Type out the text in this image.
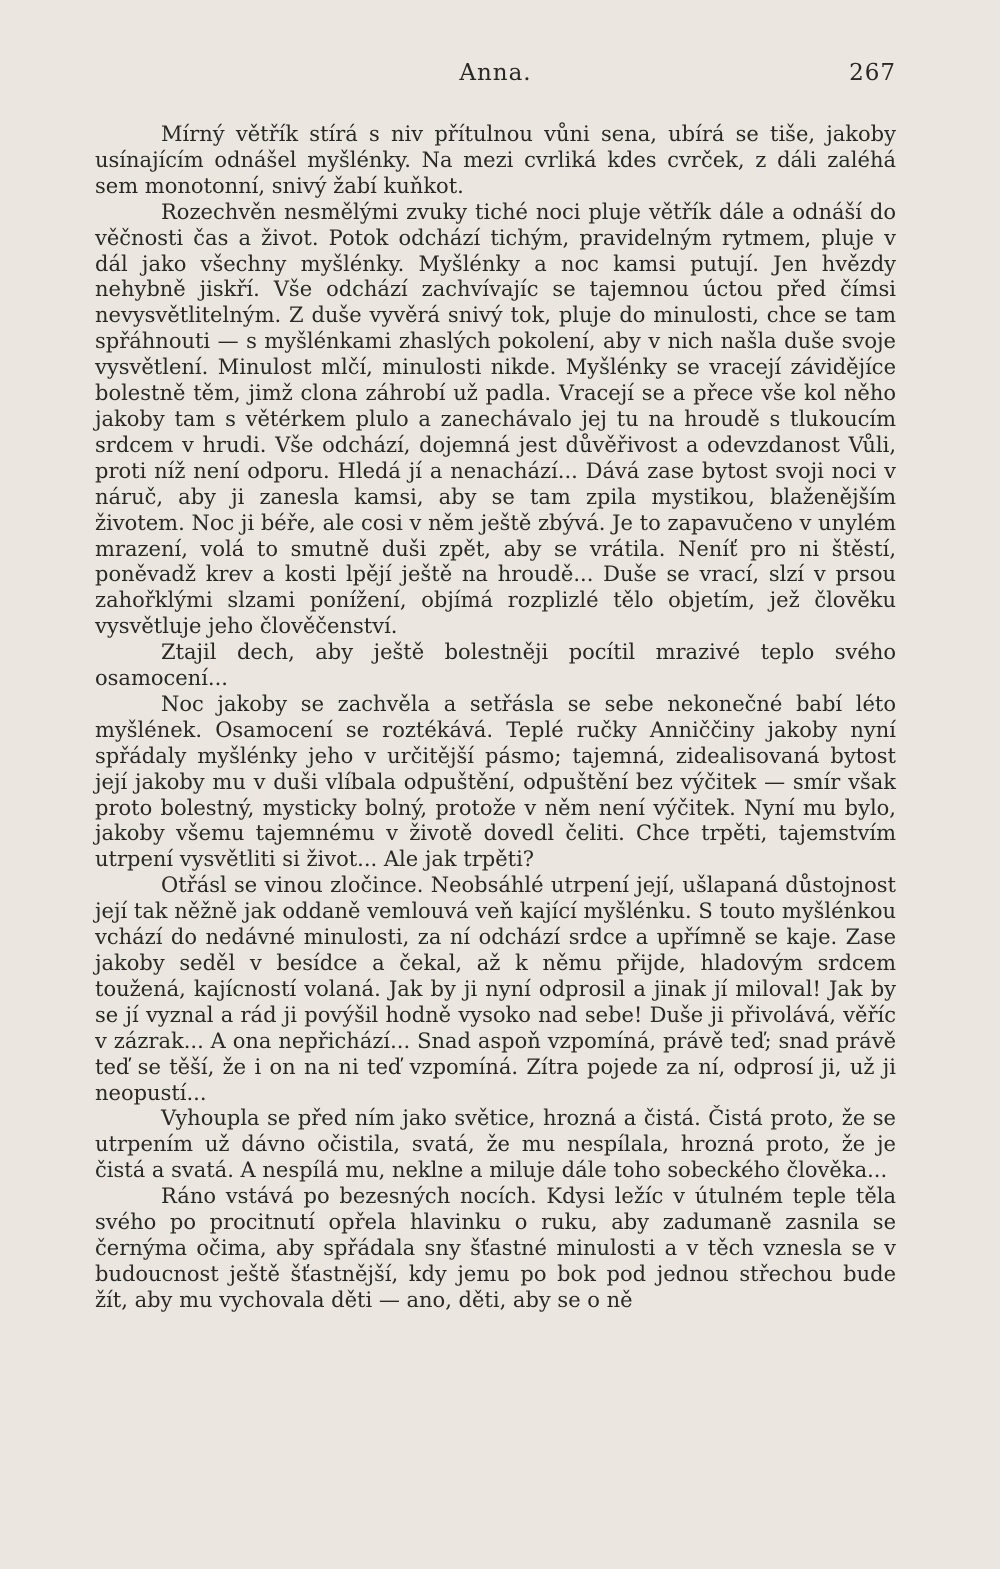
Anna.	267

Mírný větřík stírá s niv přítulnou vůni sena, ubírá se tiše, jakoby usínajícím odnášel myšlénky. Na mezi cvrliká kdes cvrček, z dáli zaléhá sem monotonní, snivý žabí kuňkot.

Rozechvěn nesmělými zvuky tiché noci pluje větřík dále a odnáší do věčnosti čas a život. Potok odchází tichým, pravidelným rytmem, pluje v dál jako všechny myšlénky. Myšlénky a noc kamsi putují. Jen hvězdy nehybně jiskří. Vše odchází zachvívajíc se tajemnou úctou před čímsi nevysvětlitelným. Z duše vyvěrá snivý tok, pluje do minulosti, chce se tam spřáhnouti — s myšlénkami zhaslých pokolení, aby v nich našla duše svoje vysvětlení. Minulost mlčí, minulosti nikde. Myšlénky se vracejí závidějíce bolestně těm, jimž clona záhrobí už padla. Vracejí se a přece vše kol něho jakoby tam s větérkem plulo a zanechávalo jej tu na hroudě s tlukoucím srdcem v hrudi. Vše odchází, dojemná jest důvěřivost a odevzdanost Vůli, proti níž není odporu. Hledá jí a nenachází... Dává zase bytost svoji noci v náruč, aby ji zanesla kamsi, aby se tam zpila mystikou, blaženějším životem. Noc ji béře, ale cosi v něm ještě zbývá. Je to zapavučeno v unylém mrazení, volá to smutně duši zpět, aby se vrátila. Neníť pro ni štěstí, poněvadž krev a kosti lpějí ještě na hroudě... Duše se vrací, slzí v prsou zahořklými slzami ponížení, objímá rozplizlé tělo objetím, jež člověku vysvětluje jeho člověčenství.

Ztajil dech, aby ještě bolestněji pocítil mrazivé teplo svého osamocení...

Noc jakoby se zachvěla a setřásla se sebe nekonečné babí léto myšlének. Osamocení se roztékává. Teplé ručky Anniččiny jakoby nyní spřádaly myšlénky jeho v určitější pásmo; tajemná, zidealisovaná bytost její jakoby mu v duši vlíbala odpuštění, odpuštění bez výčitek — smír však proto bolestný, mysticky bolný, protože v něm není výčitek. Nyní mu bylo, jakoby všemu tajemnému v životě dovedl čeliti. Chce trpěti, tajemstvím utrpení vysvětliti si život... Ale jak trpěti?

Otřásl se vinou zločince. Neobsáhlé utrpení její, ušlapaná důstojnost její tak něžně jak oddaně vemlouvá veň kající myšlénku. S touto myšlénkou vchází do nedávné minulosti, za ní odchází srdce a upřímně se kaje. Zase jakoby seděl v besídce a čekal, až k němu přijde, hladovým srdcem toužená, kajícností volaná. Jak by ji nyní odprosil a jinak jí miloval! Jak by se jí vyznal a rád ji povýšil hodně vysoko nad sebe! Duše ji přivolává, věříc v zázrak... A ona nepřichází... Snad aspoň vzpomíná, právě teď; snad právě teď se těší, že i on na ni teď vzpomíná. Zítra pojede za ní, odprosí ji, už ji neopustí...

Vyhoupla se před ním jako světice, hrozná a čistá. Čistá proto, že se utrpením už dávno očistila, svatá, že mu nespílala, hrozná proto, že je čistá a svatá. A nespílá mu, neklne a miluje dále toho sobeckého člověka...

Ráno vstává po bezesných nocích. Kdysi ležíc v útulném teple těla svého po procitnutí opřela hlavinku o ruku, aby zadumaně zasnila se černýma očima, aby spřádala sny šťastné minulosti a v těch vznesla se v budoucnost ještě šťastnější, kdy jemu po bok pod jednou střechou bude žít, aby mu vychovala děti — ano, děti, aby se o ně
